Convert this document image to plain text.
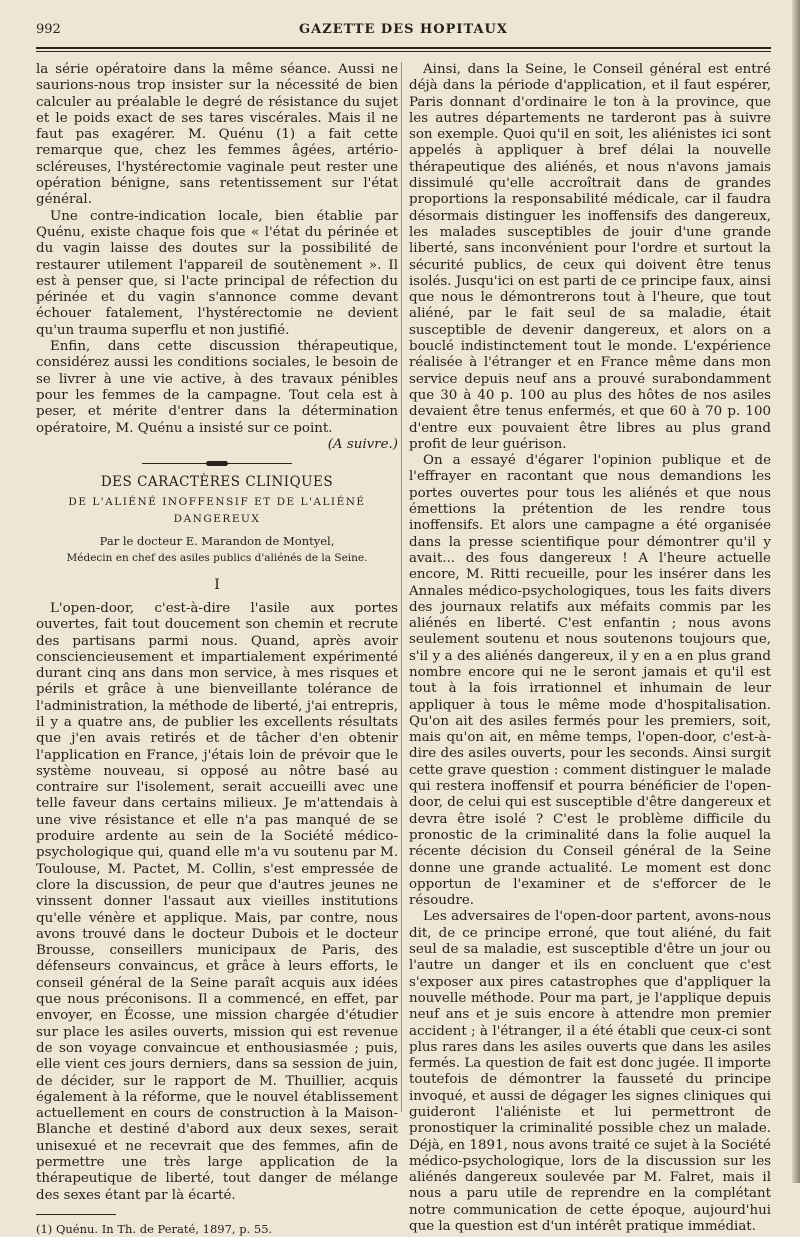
992	GAZETTE DES HOPITAUX

la série opératoire dans la même séance. Aussi ne saurions-nous trop insister sur la nécessité de bien calculer au préalable le degré de résistance du sujet et le poids exact de ses tares viscérales. Mais il ne faut pas exagérer. M. Quénu (1) a fait cette remarque que, chez les femmes âgées, artério-scléreuses, l'hystérectomie vaginale peut rester une opération bénigne, sans retentissement sur l'état général.

Une contre-indication locale, bien établie par Quénu, existe chaque fois que « l'état du périnée et du vagin laisse des doutes sur la possibilité de restaurer utilement l'appareil de soutènement ». Il est à penser que, si l'acte principal de réfection du périnée et du vagin s'annonce comme devant échouer fatalement, l'hystérectomie ne devient qu'un trauma superflu et non justifié.

Enfin, dans cette discussion thérapeutique, considérez aussi les conditions sociales, le besoin de se livrer à une vie active, à des travaux pénibles pour les femmes de la campagne. Tout cela est à peser, et mérite d'entrer dans la détermination opératoire, M. Quénu a insisté sur ce point.

(A suivre.)
DES CARACTÈRES CLINIQUES
DE L'ALIÉNÉ INOFFENSIF ET DE L'ALIÉNÉ DANGEREUX
Par le docteur E. Marandon de Montyel,
Médecin en chef des asiles publics d'aliénés de la Seine.
I

L'open-door, c'est-à-dire l'asile aux portes ouvertes, fait tout doucement son chemin et recrute des partisans parmi nous. Quand, après avoir consciencieusement et impartialement expérimenté durant cinq ans dans mon service, à mes risques et périls et grâce à une bienveillante tolérance de l'administration, la méthode de liberté, j'ai entrepris, il y a quatre ans, de publier les excellents résultats que j'en avais retirés et de tâcher d'en obtenir l'application en France, j'étais loin de prévoir que le système nouveau, si opposé au nôtre basé au contraire sur l'isolement, serait accueilli avec une telle faveur dans certains milieux. Je m'attendais à une vive résistance et elle n'a pas manqué de se produire ardente au sein de la Société médico-psychologique qui, quand elle m'a vu soutenu par M. Toulouse, M. Pactet, M. Collin, s'est empressée de clore la discussion, de peur que d'autres jeunes ne vinssent donner l'assaut aux vieilles institutions qu'elle vénère et applique. Mais, par contre, nous avons trouvé dans le docteur Dubois et le docteur Brousse, conseillers municipaux de Paris, des défenseurs convaincus, et grâce à leurs efforts, le conseil général de la Seine paraît acquis aux idées que nous préconisons. Il a commencé, en effet, par envoyer, en Écosse, une mission chargée d'étudier sur place les asiles ouverts, mission qui est revenue de son voyage convaincue et enthousiasmée ; puis, elle vient ces jours derniers, dans sa session de juin, de décider, sur le rapport de M. Thuillier, acquis également à la réforme, que le nouvel établissement actuellement en cours de construction à la Maison-Blanche et destiné d'abord aux deux sexes, serait unisexué et ne recevrait que des femmes, afin de permettre une très large application de la thérapeutique de liberté, tout danger de mélange des sexes étant par là écarté.

(1) Quénu. In Th. de Peraté, 1897, p. 55.

Ainsi, dans la Seine, le Conseil général est entré déjà dans la période d'application, et il faut espérer, Paris donnant d'ordinaire le ton à la province, que les autres départements ne tarderont pas à suivre son exemple. Quoi qu'il en soit, les aliénistes ici sont appelés à appliquer à bref délai la nouvelle thérapeutique des aliénés, et nous n'avons jamais dissimulé qu'elle accroîtrait dans de grandes proportions la responsabilité médicale, car il faudra désormais distinguer les inoffensifs des dangereux, les malades susceptibles de jouir d'une grande liberté, sans inconvénient pour l'ordre et surtout la sécurité publics, de ceux qui doivent être tenus isolés. Jusqu'ici on est parti de ce principe faux, ainsi que nous le démontrerons tout à l'heure, que tout aliéné, par le fait seul de sa maladie, était susceptible de devenir dangereux, et alors on a bouclé indistinctement tout le monde. L'expérience réalisée à l'étranger et en France même dans mon service depuis neuf ans a prouvé surabondamment que 30 à 40 p. 100 au plus des hôtes de nos asiles devaient être tenus enfermés, et que 60 à 70 p. 100 d'entre eux pouvaient être libres au plus grand profit de leur guérison.

On a essayé d'égarer l'opinion publique et de l'effrayer en racontant que nous demandions les portes ouvertes pour tous les aliénés et que nous émettions la prétention de les rendre tous inoffensifs. Et alors une campagne a été organisée dans la presse scientifique pour démontrer qu'il y avait... des fous dangereux ! A l'heure actuelle encore, M. Ritti recueille, pour les insérer dans les Annales médico-psychologiques, tous les faits divers des journaux relatifs aux méfaits commis par les aliénés en liberté. C'est enfantin ; nous avons seulement soutenu et nous soutenons toujours que, s'il y a des aliénés dangereux, il y en a en plus grand nombre encore qui ne le seront jamais et qu'il est tout à la fois irrationnel et inhumain de leur appliquer à tous le même mode d'hospitalisation. Qu'on ait des asiles fermés pour les premiers, soit, mais qu'on ait, en même temps, l'open-door, c'est-à-dire des asiles ouverts, pour les seconds. Ainsi surgit cette grave question : comment distinguer le malade qui restera inoffensif et pourra bénéficier de l'open-door, de celui qui est susceptible d'être dangereux et devra être isolé ? C'est le problème difficile du pronostic de la criminalité dans la folie auquel la récente décision du Conseil général de la Seine donne une grande actualité. Le moment est donc opportun de l'examiner et de s'efforcer de le résoudre.

Les adversaires de l'open-door partent, avons-nous dit, de ce principe erroné, que tout aliéné, du fait seul de sa maladie, est susceptible d'être un jour ou l'autre un danger et ils en concluent que c'est s'exposer aux pires catastrophes que d'appliquer la nouvelle méthode. Pour ma part, je l'applique depuis neuf ans et je suis encore à attendre mon premier accident ; à l'étranger, il a été établi que ceux-ci sont plus rares dans les asiles ouverts que dans les asiles fermés. La question de fait est donc jugée. Il importe toutefois de démontrer la fausseté du principe invoqué, et aussi de dégager les signes cliniques qui guideront l'aliéniste et lui permettront de pronostiquer la criminalité possible chez un malade. Déjà, en 1891, nous avons traité ce sujet à la Société médico-psychologique, lors de la discussion sur les aliénés dangereux soulevée par M. Falret, mais il nous a paru utile de reprendre en la complétant notre communication de cette époque, aujourd'hui que la question est d'un intérêt pratique immédiat.
